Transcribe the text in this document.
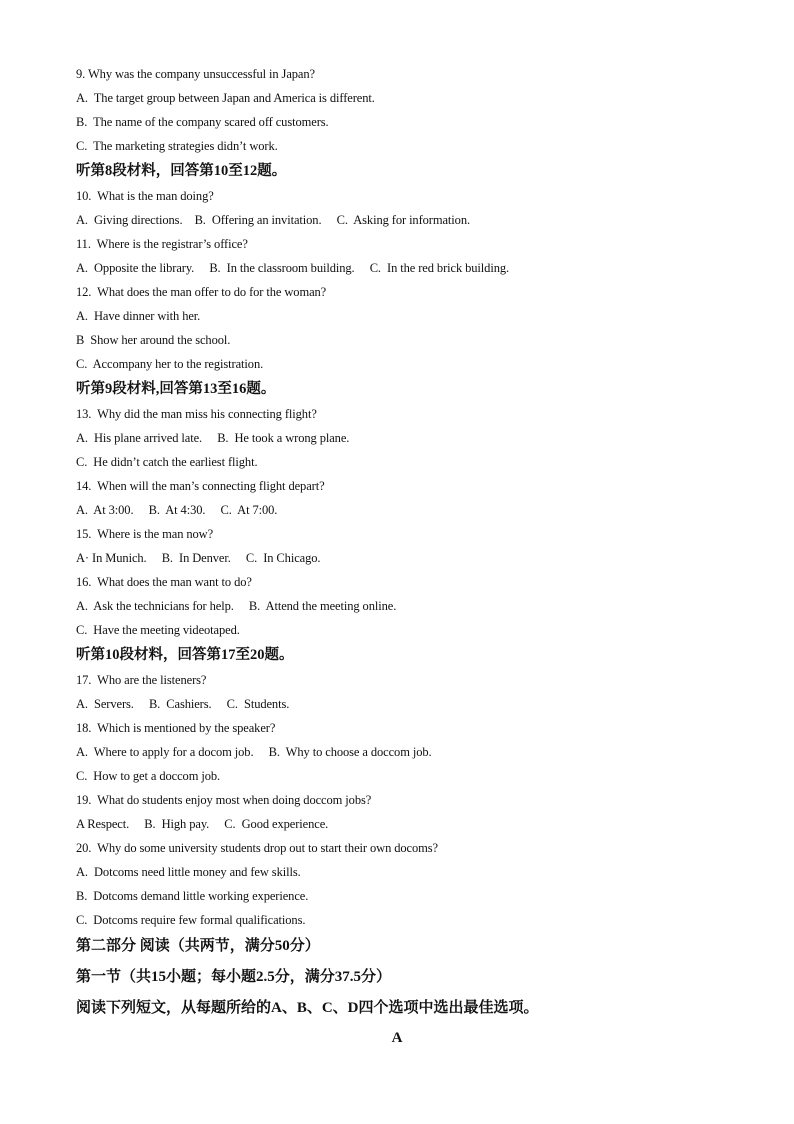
9. Why was the company unsuccessful in Japan?
A.  The target group between Japan and America is different.
B.  The name of the company scared off customers.
C.  The marketing strategies didn’t work.
听第8段材料，回答第10至12题。
10.  What is the man doing?
A.  Giving directions.    B.  Offering an invitation.     C.  Asking for information.
11.  Where is the registrar’s office?
A.  Opposite the library.     B.  In the classroom building.     C.  In the red brick building.
12.  What does the man offer to do for the woman?
A.  Have dinner with her.
B  Show her around the school.
C.  Accompany her to the registration.
听第9段材料,回答第13至16题。
13.  Why did the man miss his connecting flight?
A.  His plane arrived late.     B.  He took a wrong plane.
C.  He didn’t catch the earliest flight.
14.  When will the man’s connecting flight depart?
A.  At 3:00.     B.  At 4:30.     C.  At 7:00.
15.  Where is the man now?
A· In Munich.     B.  In Denver.     C.  In Chicago.
16.  What does the man want to do?
A.  Ask the technicians for help.     B.  Attend the meeting online.
C.  Have the meeting videotaped.
听第10段材料，回答第17至20题。
17.  Who are the listeners?
A.  Servers.     B.  Cashiers.     C.  Students.
18.  Which is mentioned by the speaker?
A.  Where to apply for a docom job.     B.  Why to choose a doccom job.
C.  How to get a doccom job.
19.  What do students enjoy most when doing doccom jobs?
A Respect.     B.  High pay.     C.  Good experience.
20.  Why do some university students drop out to start their own docoms?
A.  Dotcoms need little money and few skills.
B.  Dotcoms demand little working experience.
C.  Dotcoms require few formal qualifications.
第二部分 阅读（共两节，满分50分）
第一节（共15小题；每小题2.5分，满分37.5分）
阅读下列短文，从每题所给的A、B、C、D四个选项中选出最佳选项。
A
